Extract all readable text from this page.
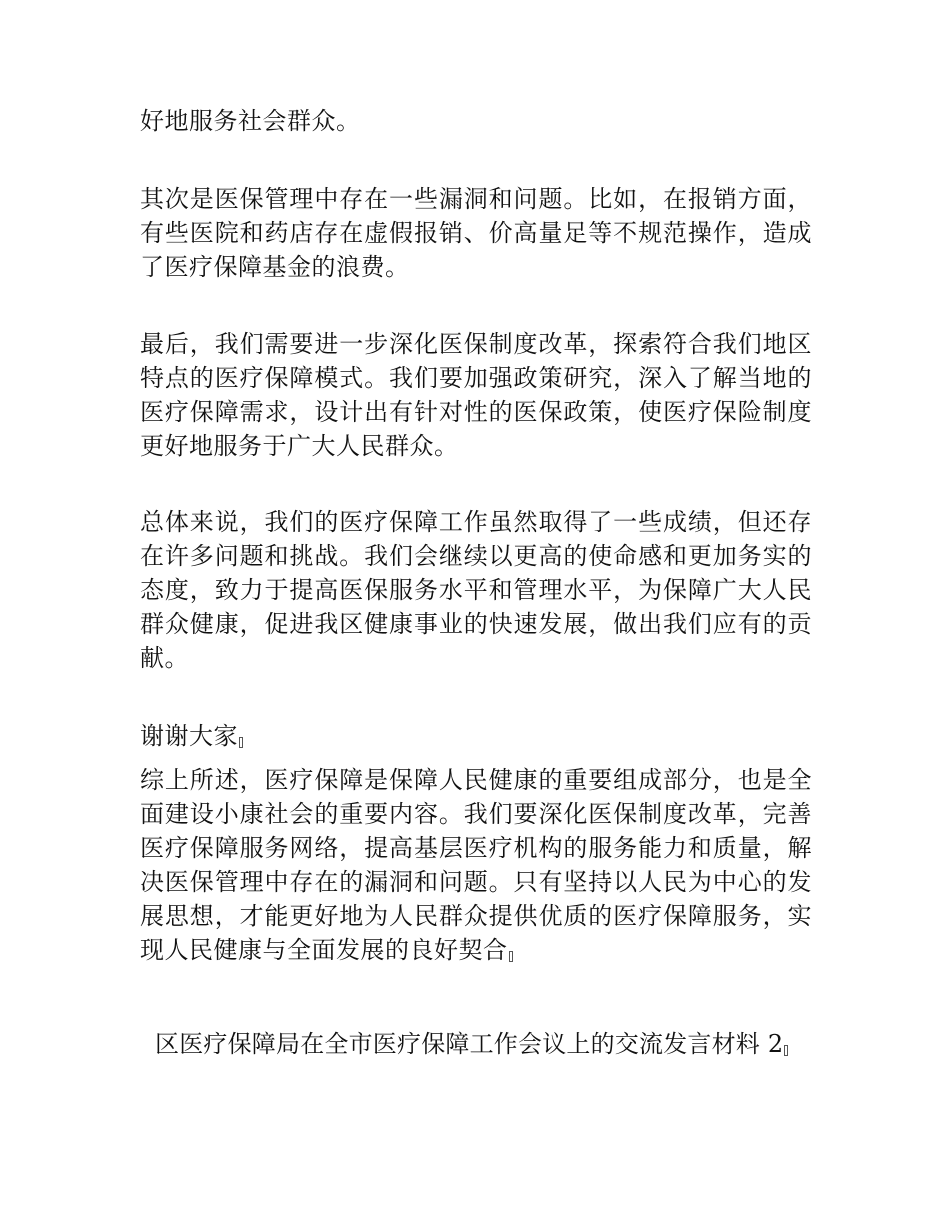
好地服务社会群众。

其次是医保管理中存在一些漏洞和问题。比如，在报销方面，有些医院和药店存在虚假报销、价高量足等不规范操作，造成了医疗保障基金的浪费。

最后，我们需要进一步深化医保制度改革，探索符合我们地区特点的医疗保障模式。我们要加强政策研究，深入了解当地的医疗保障需求，设计出有针对性的医保政策，使医疗保险制度更好地服务于广大人民群众。

总体来说，我们的医疗保障工作虽然取得了一些成绩，但还存在许多问题和挑战。我们会继续以更高的使命感和更加务实的态度，致力于提高医保服务水平和管理水平，为保障广大人民群众健康，促进我区健康事业的快速发展，做出我们应有的贡献。

谢谢大家

综上所述，医疗保障是保障人民健康的重要组成部分，也是全面建设小康社会的重要内容。我们要深化医保制度改革，完善医疗保障服务网络，提高基层医疗机构的服务能力和质量，解决医保管理中存在的漏洞和问题。只有坚持以人民为中心的发展思想，才能更好地为人民群众提供优质的医疗保障服务，实现人民健康与全面发展的良好契合

区医疗保障局在全市医疗保障工作会议上的交流发言材料 2
